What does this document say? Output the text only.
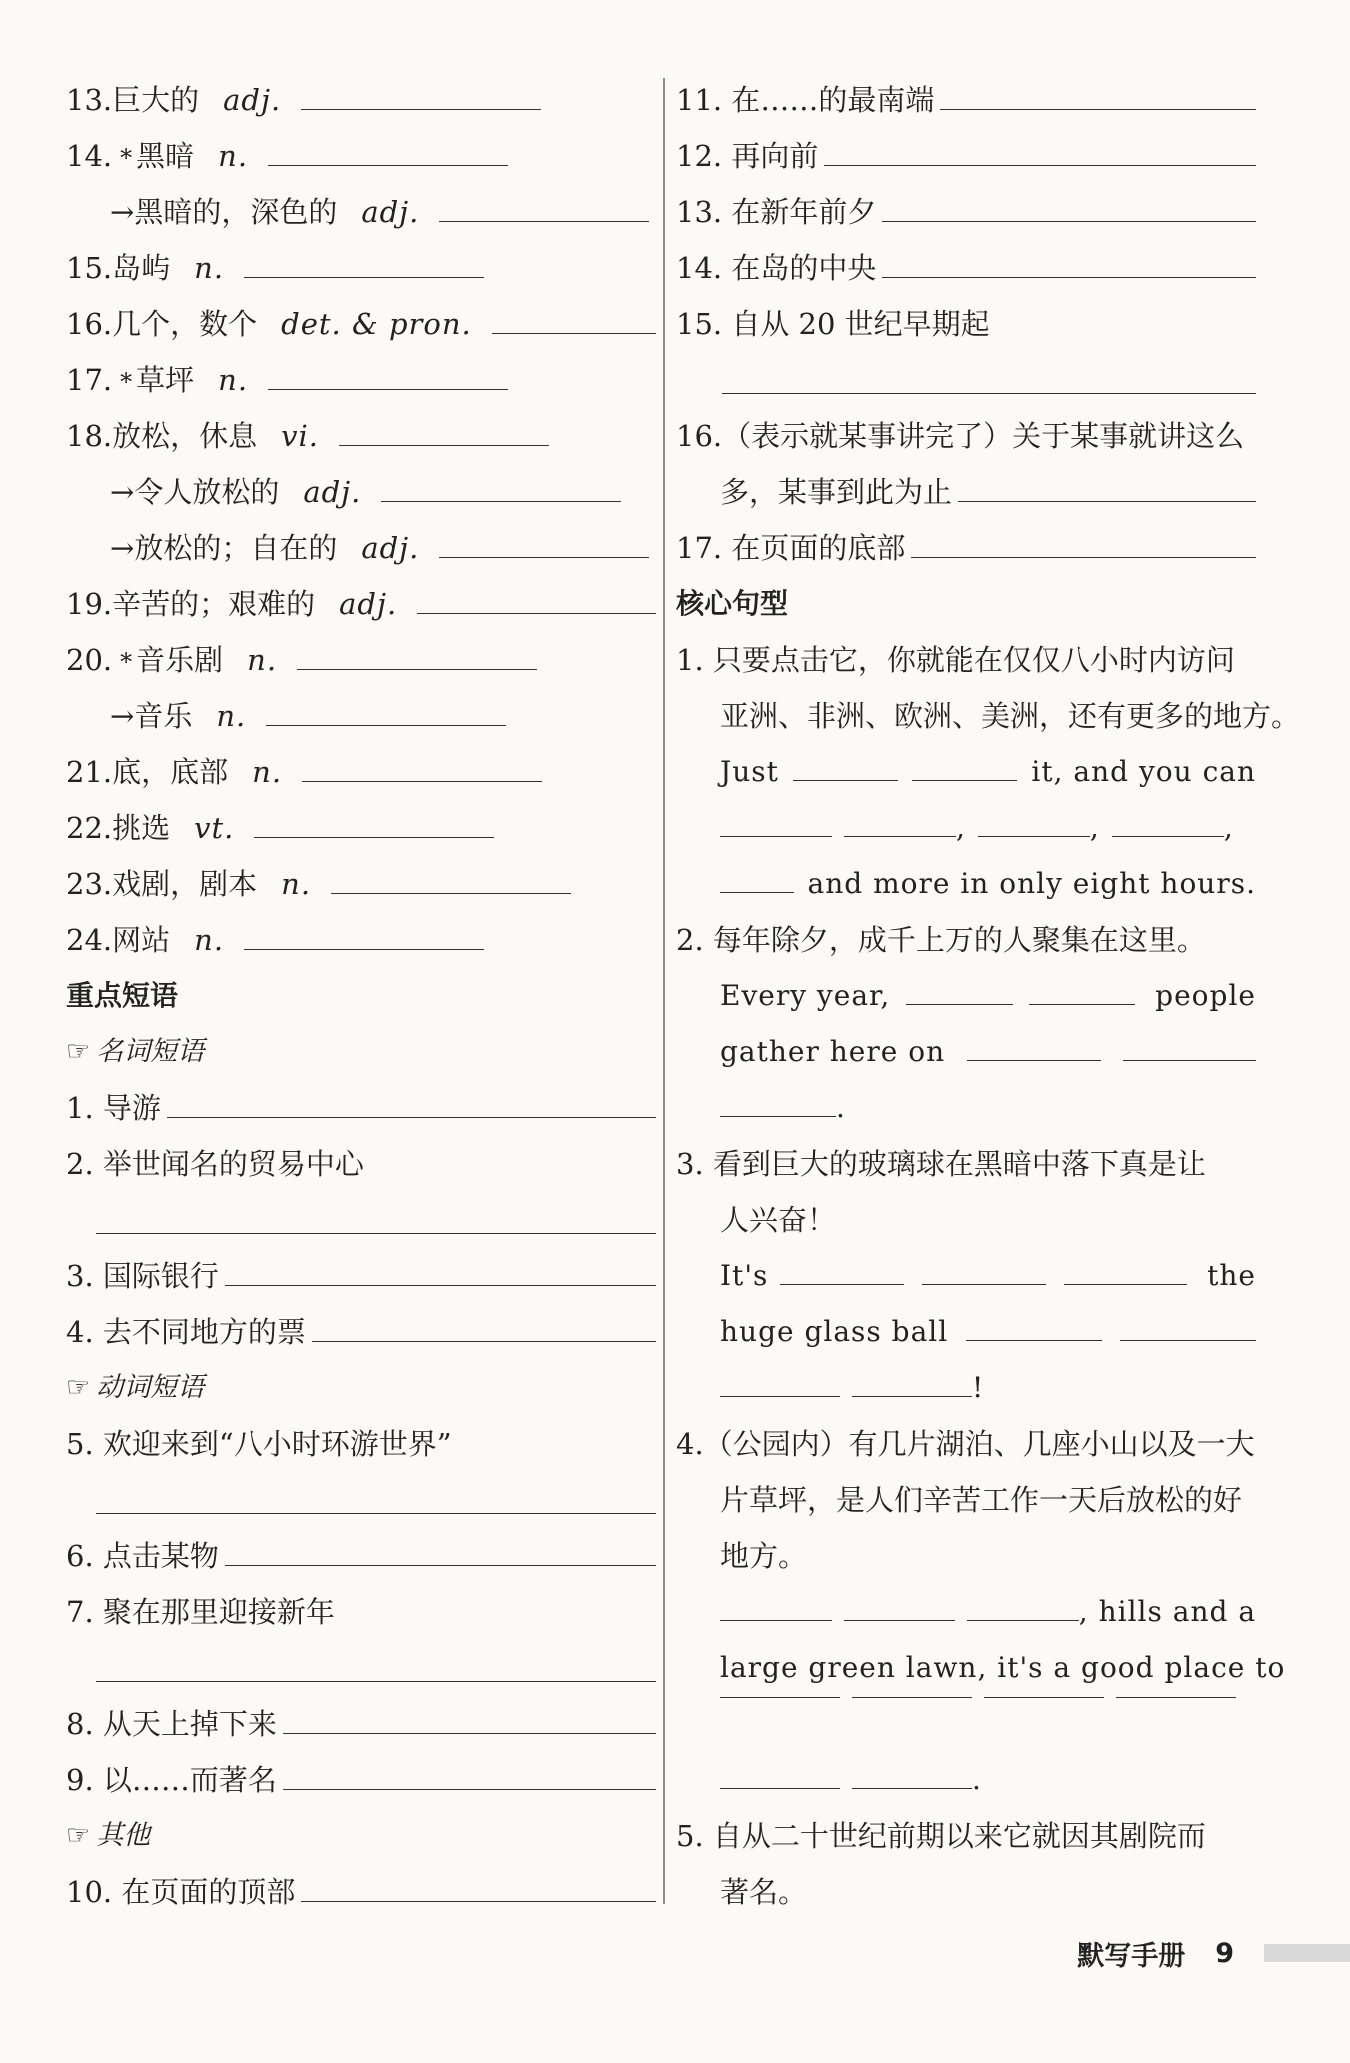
13. 巨大的 adj.
14. * 黑暗 n.
→ 黑暗的，深色的 adj.
15. 岛屿 n.
16. 几个，数个 det. & pron.
17. * 草坪 n.
18. 放松，休息 vi.
→ 令人放松的 adj.
→ 放松的；自在的 adj.
19. 辛苦的；艰难的 adj.
20. * 音乐剧 n.
→ 音乐 n.
21. 底，底部 n.
22. 挑选 vt.
23. 戏剧，剧本 n.
24. 网站 n.
重点短语
☞ 名词短语
1. 导游
2. 举世闻名的贸易中心
3. 国际银行
4. 去不同地方的票
☞ 动词短语
5. 欢迎来到“八小时环游世界”
6. 点击某物
7. 聚在那里迎接新年
8. 从天上掉下来
9. 以……而著名
☞ 其他
10. 在页面的顶部
11. 在……的最南端
12. 再向前
13. 在新年前夕
14. 在岛的中央
15. 自从 20 世纪早期起
16.（表示就某事讲完了）关于某事就讲这么
多，某事到此为止
17. 在页面的底部
核心句型
1. 只要点击它，你就能在仅仅八小时内访问
亚洲、非洲、欧洲、美洲，还有更多的地方。
Just	it, and you can
,	,	,
and more in only eight hours.
2. 每年除夕，成千上万的人聚集在这里。
Every year,	people
gather here on
.
3. 看到巨大的玻璃球在黑暗中落下真是让
人兴奋！
It's	the
huge glass ball
!
4.（公园内）有几片湖泊、几座小山以及一大
片草坪，是人们辛苦工作一天后放松的好
地方。
, hills and a
large green lawn, it's a good place to
.
5. 自从二十世纪前期以来它就因其剧院而
著名。
默写手册 9
